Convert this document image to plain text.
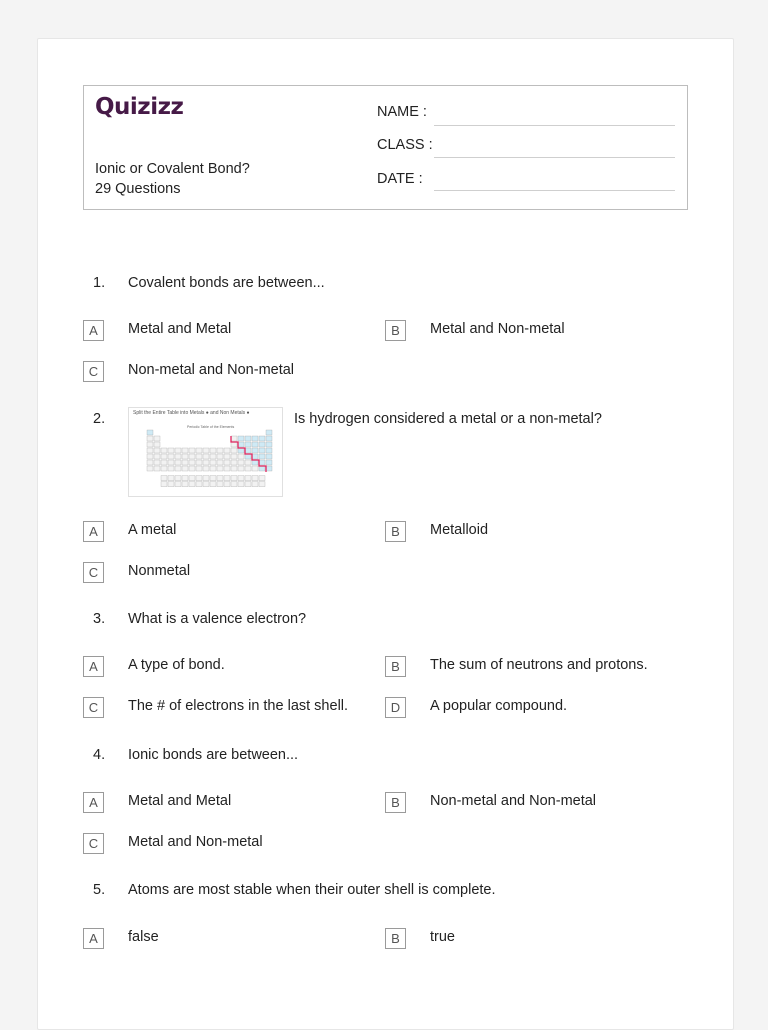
Quizizz
Ionic or Covalent Bond?
29 Questions
NAME :
CLASS :
DATE :
1. Covalent bonds are between...
A	Metal and Metal	B	Metal and Non-metal
C	Non-metal and Non-metal
2.	Split the Entire Table into Metals ● and Non Metals ●
Periodic Table of the Elements	Is hydrogen considered a metal or a non-metal?
A	A metal	B	Metalloid
C	Nonmetal
3. What is a valence electron?
A	A type of bond.	B	The sum of neutrons and protons.
C	The # of electrons in the last shell.	D	A popular compound.
4. Ionic bonds are between...
A	Metal and Metal	B	Non-metal and Non-metal
C	Metal and Non-metal
5. Atoms are most stable when their outer shell is complete.
A	false	B	true
